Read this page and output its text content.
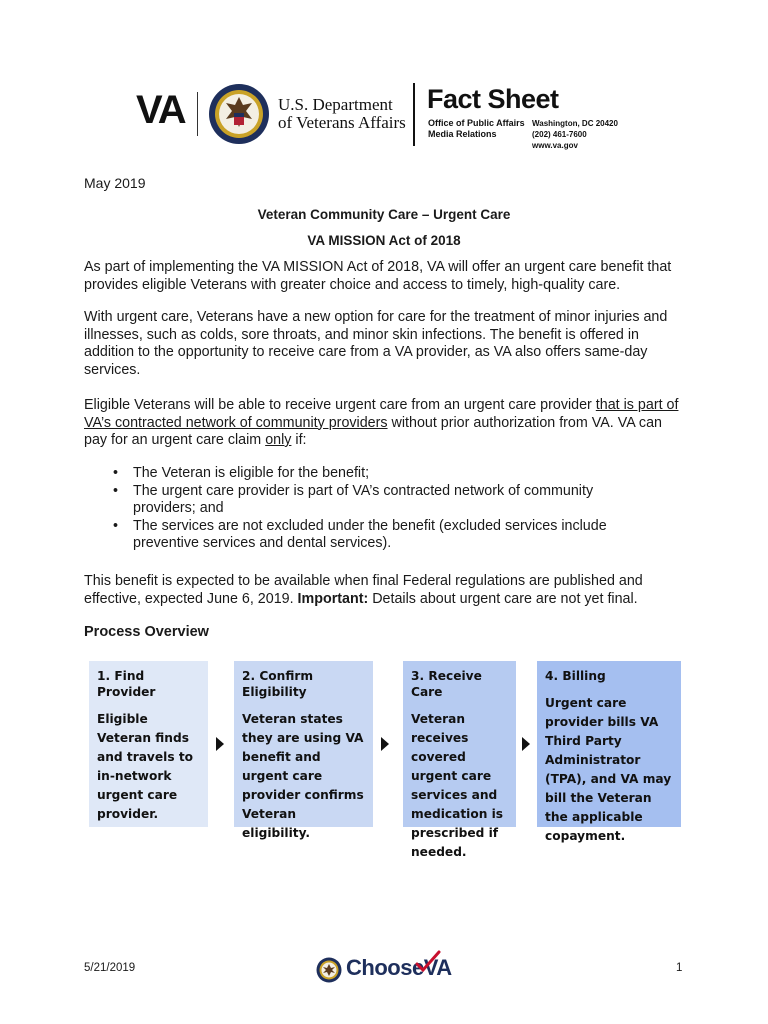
VA	U.S. Department
of Veterans Affairs
Fact Sheet
Office of Public Affairs
Media Relations
Washington, DC 20420
(202) 461-7600
www.va.gov
May 2019
Veteran Community Care – Urgent Care
VA MISSION Act of 2018
As part of implementing the VA MISSION Act of 2018, VA will offer an urgent care benefit that provides eligible Veterans with greater choice and access to timely, high-quality care.
With urgent care, Veterans have a new option for care for the treatment of minor injuries and illnesses, such as colds, sore throats, and minor skin infections. The benefit is offered in addition to the opportunity to receive care from a VA provider, as VA also offers same-day services.
Eligible Veterans will be able to receive urgent care from an urgent care provider that is part of VA’s contracted network of community providers without prior authorization from VA. VA can pay for an urgent care claim only if:
• The Veteran is eligible for the benefit;
• The urgent care provider is part of VA’s contracted network of community providers; and
• The services are not excluded under the benefit (excluded services include preventive services and dental services).
This benefit is expected to be available when final Federal regulations are published and effective, expected June 6, 2019. Important: Details about urgent care are not yet final.
Process Overview
1. Find Provider
Eligible Veteran finds and travels to in-network urgent care provider.
2. Confirm Eligibility
Veteran states they are using VA benefit and urgent care provider confirms Veteran eligibility.
3. Receive Care
Veteran receives covered urgent care services and medication is prescribed if needed.
4. Billing
Urgent care provider bills VA Third Party Administrator (TPA), and VA may bill the Veteran the applicable copayment.
5/21/2019	ChooseVA	1
